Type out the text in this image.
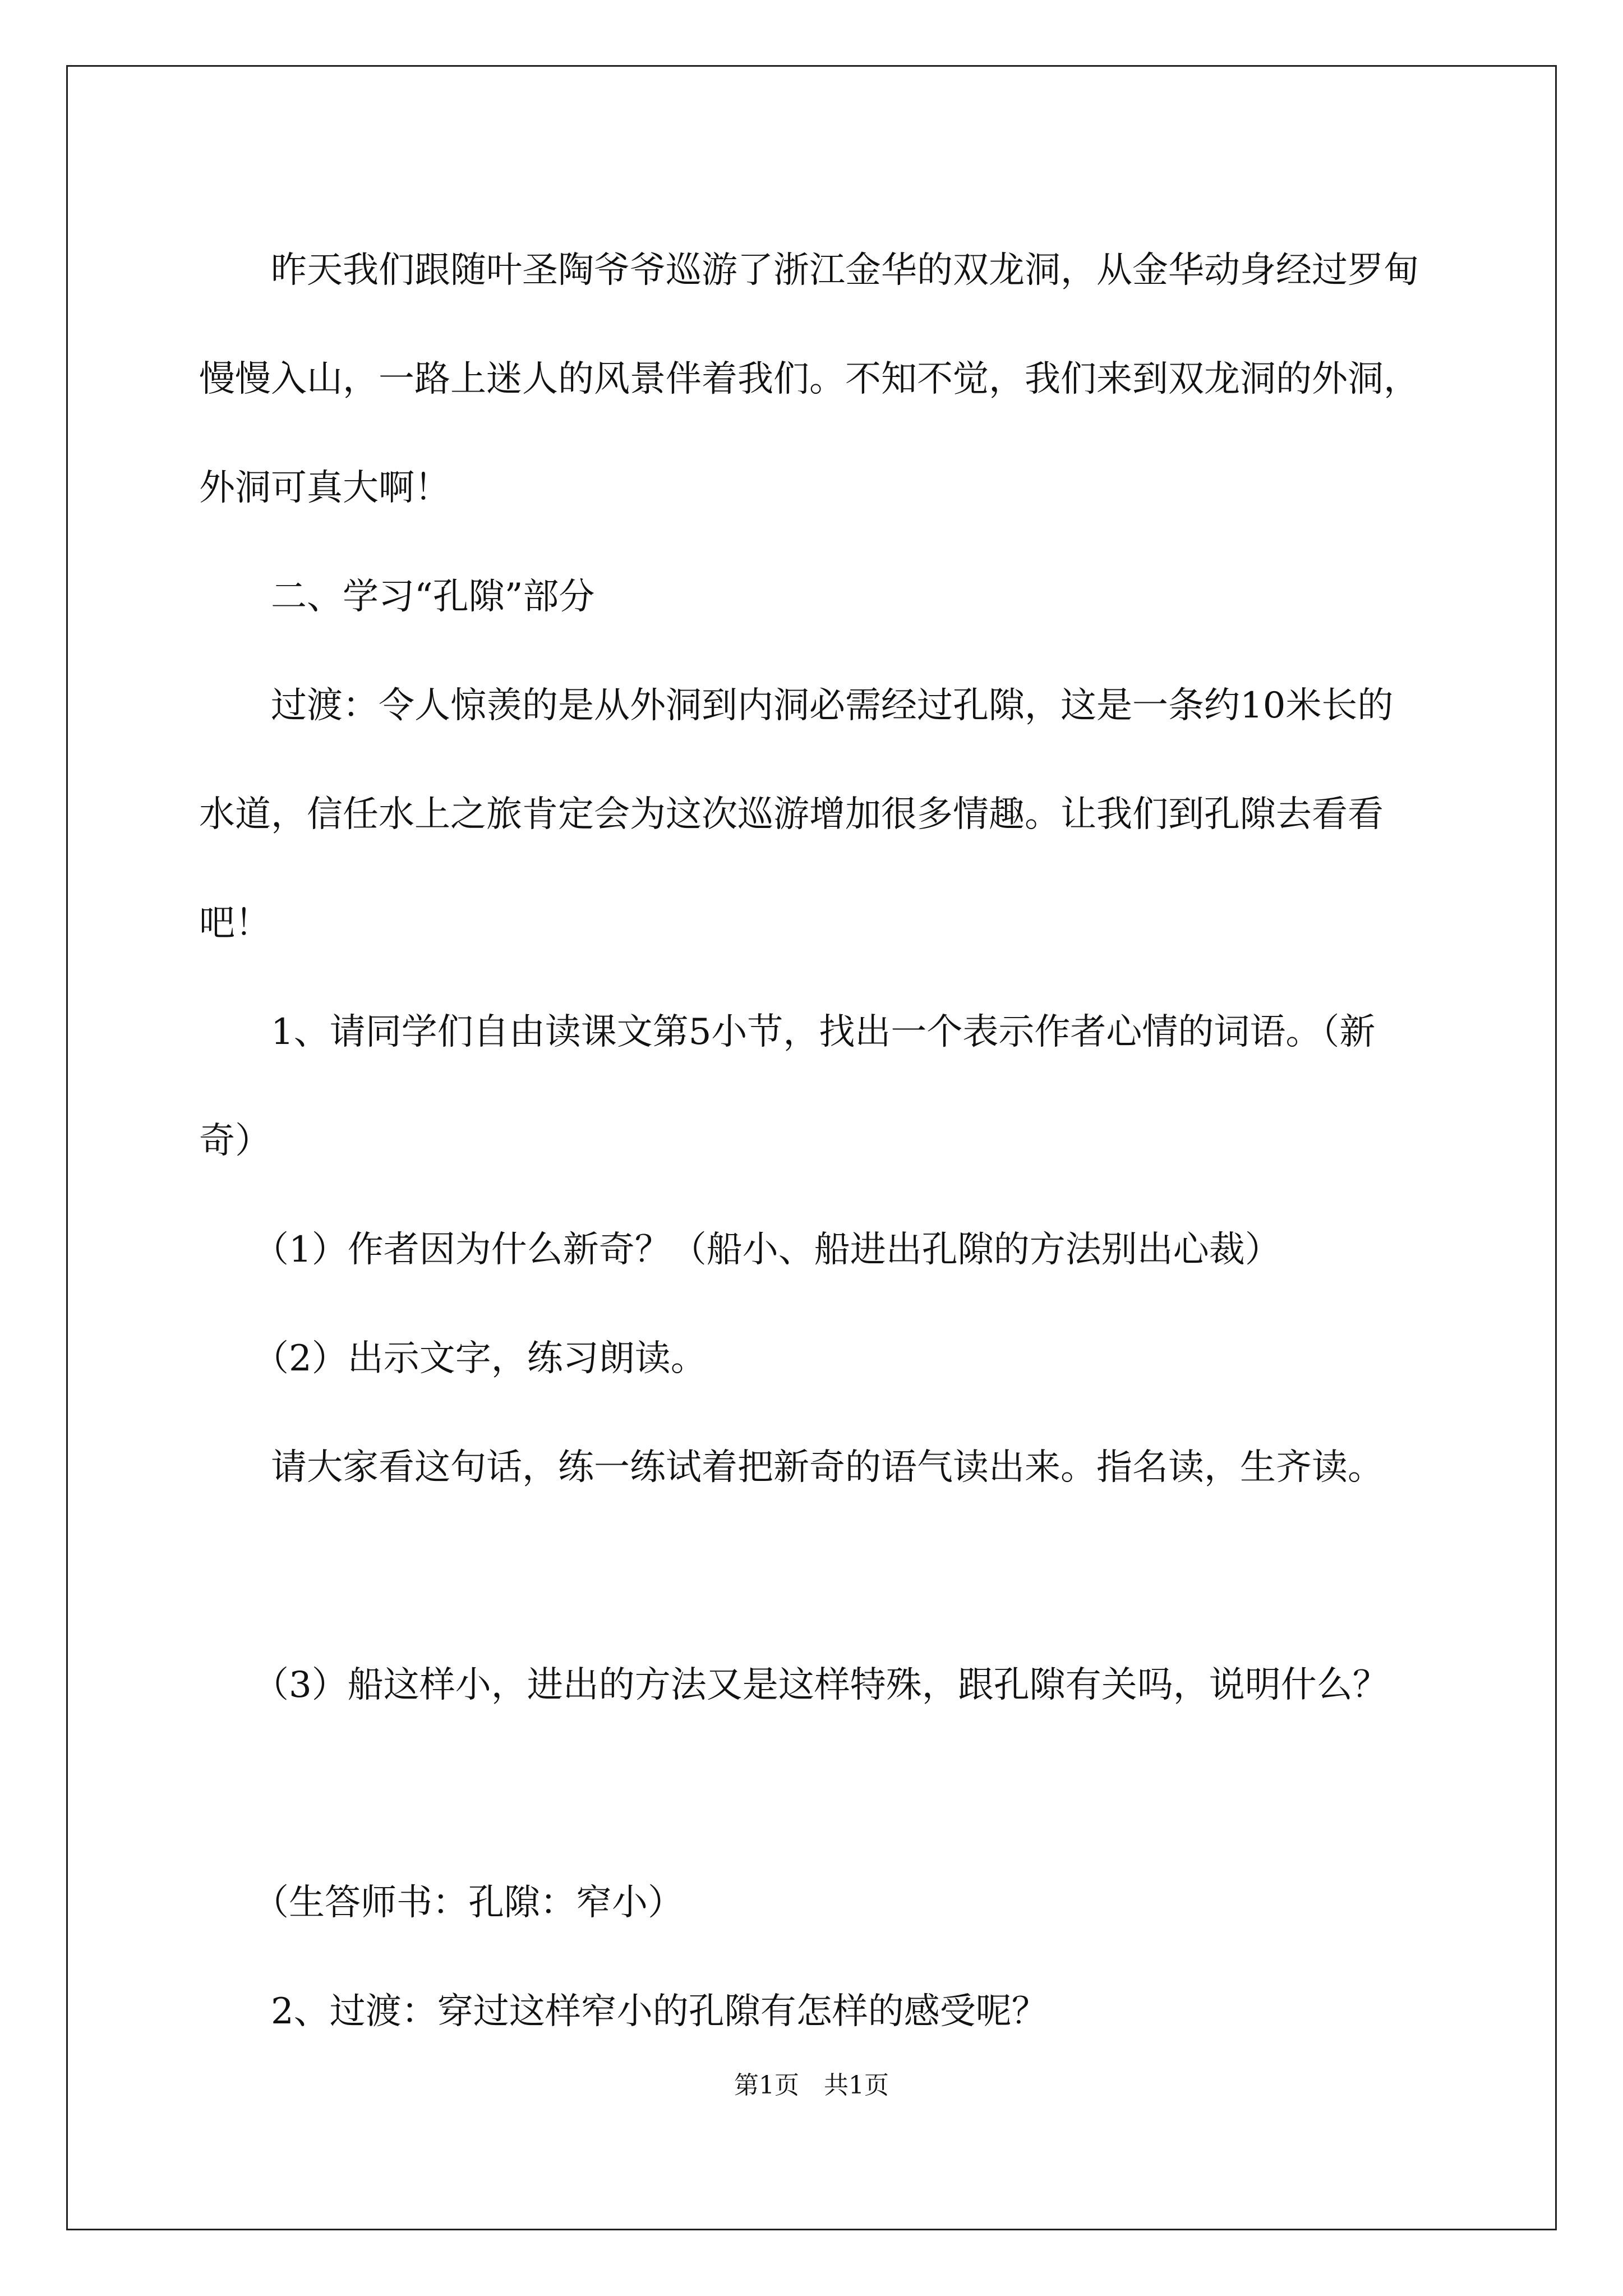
　　昨天我们跟随叶圣陶爷爷巡游了浙江金华的双龙洞，从金华动身经过罗甸慢慢入山，一路上迷人的风景伴着我们。不知不觉，我们来到双龙洞的外洞，外洞可真大啊！

　　二、学习“孔隙”部分

　　过渡：令人惊羡的是从外洞到内洞必需经过孔隙，这是一条约10米长的水道，信任水上之旅肯定会为这次巡游增加很多情趣。让我们到孔隙去看看吧！

　　1、请同学们自由读课文第5小节，找出一个表示作者心情的词语。（新奇）

　　（1）作者因为什么新奇？（船小、船进出孔隙的方法别出心裁）

　　（2）出示文字，练习朗读。

　　请大家看这句话，练一练试着把新奇的语气读出来。指名读，生齐读。

　　（3）船这样小，进出的方法又是这样特殊，跟孔隙有关吗，说明什么？

　　（生答师书：孔隙：窄小）

　　2、过渡：穿过这样窄小的孔隙有怎样的感受呢？

第1页　共1页
